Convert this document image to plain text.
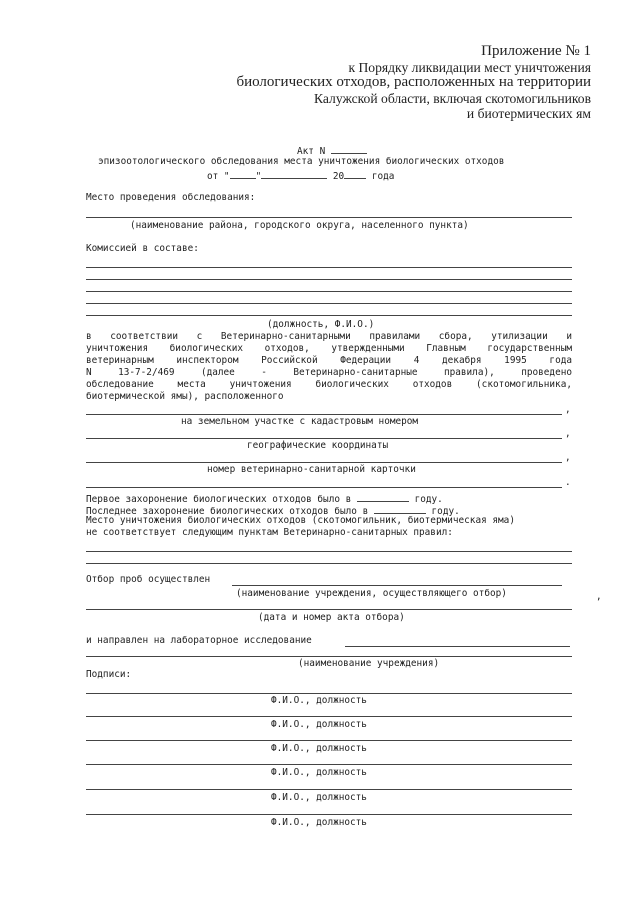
Приложение № 1
к Порядку ликвидации мест уничтожения
биологических отходов, расположенных на территории
Калужской области, включая скотомогильников
и биотермических ям
Акт N
эпизоотологического обследования места уничтожения биологических отходов
от "	"	20	года
Место проведения обследования:
(наименование района, городского округа, населенного пункта)
Комиссией в составе:
(должность, Ф.И.О.)
в соответствии с Ветеринарно-санитарными правилами сбора, утилизации и
уничтожения биологических отходов, утвержденными Главным государственным
ветеринарным инспектором Российской Федерации 4 декабря 1995 года
N 13-7-2/469 (далее - Ветеринарно-санитарные правила), проведено
обследование места уничтожения биологических отходов (скотомогильника,
биотермической ямы), расположенного
,
на земельном участке с кадастровым номером
,
географические координаты
,
номер ветеринарно-санитарной карточки
.
Первое захоронение биологических отходов было в	году.
Последнее захоронение биологических отходов было в	году.
Место уничтожения биологических отходов (скотомогильник, биотермическая яма)
не соответствует следующим пунктам Ветеринарно-санитарных правил:
Отбор проб осуществлен
(наименование учреждения, осуществляющего отбор)	,
(дата и номер акта отбора)
и направлен на лабораторное исследование
(наименование учреждения)
Подписи:
Ф.И.О., должность
Ф.И.О., должность
Ф.И.О., должность
Ф.И.О., должность
Ф.И.О., должность
Ф.И.О., должность
